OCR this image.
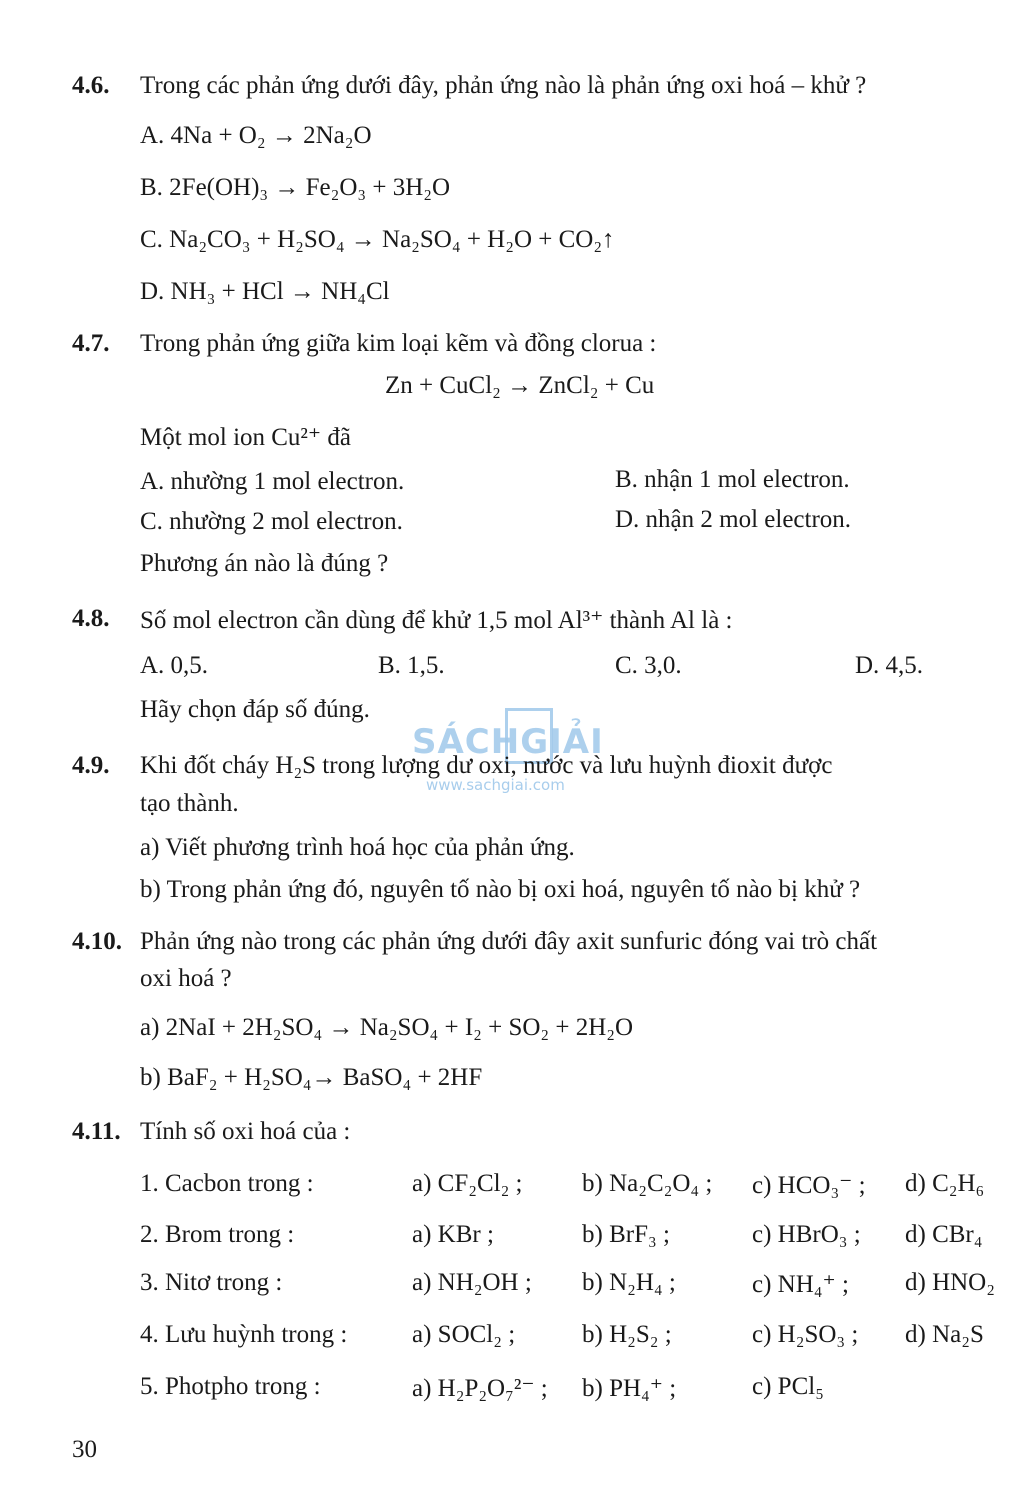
4.6. Trong các phản ứng dưới đây, phản ứng nào là phản ứng oxi hoá – khử ?
A. 4Na + O₂ → 2Na₂O
B. 2Fe(OH)₃ → Fe₂O₃ + 3H₂O
C. Na₂CO₃ + H₂SO₄ → Na₂SO₄ + H₂O + CO₂↑
D. NH₃ + HCl → NH₄Cl
4.7. Trong phản ứng giữa kim loại kẽm và đồng clorua :
Zn + CuCl₂ → ZnCl₂ + Cu
Một mol ion Cu²⁺ đã
A. nhường 1 mol electron.	B. nhận 1 mol electron.
C. nhường 2 mol electron.	D. nhận 2 mol electron.
Phương án nào là đúng ?
4.8. Số mol electron cần dùng để khử 1,5 mol Al³⁺ thành Al là :
A. 0,5.	B. 1,5.	C. 3,0.	D. 4,5.
Hãy chọn đáp số đúng.
SÁCHGIẢI
www.sachgiai.com
4.9. Khi đốt cháy H₂S trong lượng dư oxi, nước và lưu huỳnh đioxit được
tạo thành.
a) Viết phương trình hoá học của phản ứng.
b) Trong phản ứng đó, nguyên tố nào bị oxi hoá, nguyên tố nào bị khử ?
4.10. Phản ứng nào trong các phản ứng dưới đây axit sunfuric đóng vai trò chất
oxi hoá ?
a) 2NaI + 2H₂SO₄ → Na₂SO₄ + I₂ + SO₂ + 2H₂O
b) BaF₂ + H₂SO₄→ BaSO₄ + 2HF
4.11. Tính số oxi hoá của :
1. Cacbon trong :	a) CF₂Cl₂ ; b) Na₂C₂O₄ ; c) HCO₃⁻ ; d) C₂H₆
2. Brom trong :	a) KBr ;	b) BrF₃ ;	c) HBrO₃ ; d) CBr₄
3. Nitơ trong :	a) NH₂OH ; b) N₂H₄ ;	c) NH₄⁺ ; d) HNO₂
4. Lưu huỳnh trong :	a) SOCl₂ ;	b) H₂S₂ ;	c) H₂SO₃ ; d) Na₂S
5. Photpho trong :	a) H₂P₂O₇²⁻ ; b) PH₄⁺ ;	c) PCl₅
30
